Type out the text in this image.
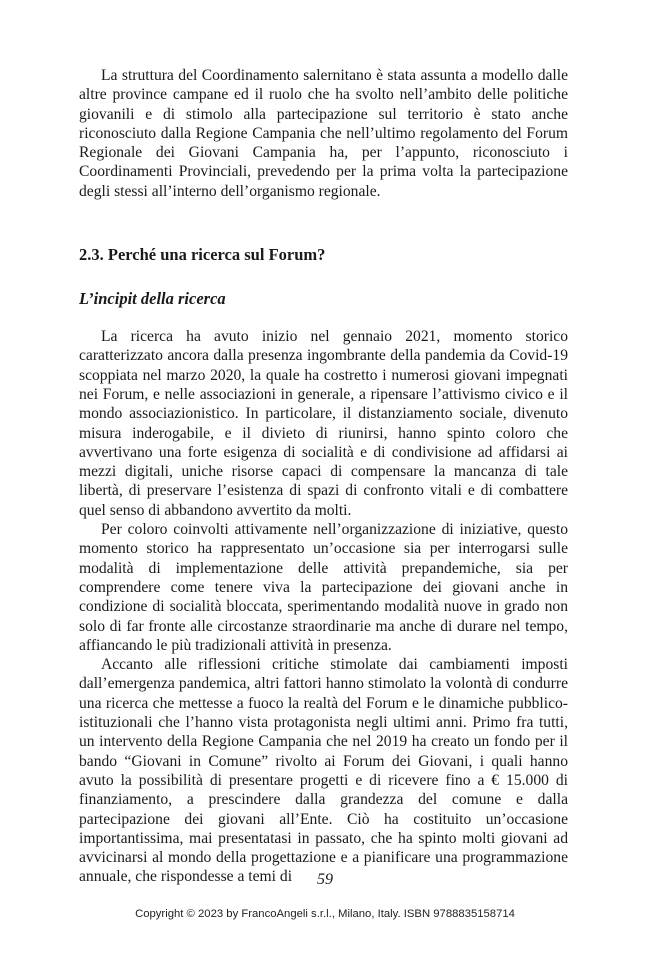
La struttura del Coordinamento salernitano è stata assunta a modello dalle altre province campane ed il ruolo che ha svolto nell’ambito delle politiche giovanili e di stimolo alla partecipazione sul territorio è stato anche riconosciuto dalla Regione Campania che nell’ultimo regolamento del Forum Regionale dei Giovani Campania ha, per l’appunto, riconosciuto i Coordinamenti Provinciali, prevedendo per la prima volta la partecipazione degli stessi all’interno dell’organismo regionale.

2.3. Perché una ricerca sul Forum?
L’incipit della ricerca

La ricerca ha avuto inizio nel gennaio 2021, momento storico caratterizzato ancora dalla presenza ingombrante della pandemia da Covid-19 scoppiata nel marzo 2020, la quale ha costretto i numerosi giovani impegnati nei Forum, e nelle associazioni in generale, a ripensare l’attivismo civico e il mondo associazionistico. In particolare, il distanziamento sociale, divenuto misura inderogabile, e il divieto di riunirsi, hanno spinto coloro che avvertivano una forte esigenza di socialità e di condivisione ad affidarsi ai mezzi digitali, uniche risorse capaci di compensare la mancanza di tale libertà, di preservare l’esistenza di spazi di confronto vitali e di combattere quel senso di abbandono avvertito da molti.

Per coloro coinvolti attivamente nell’organizzazione di iniziative, questo momento storico ha rappresentato un’occasione sia per interrogarsi sulle modalità di implementazione delle attività prepandemiche, sia per comprendere come tenere viva la partecipazione dei giovani anche in condizione di socialità bloccata, sperimentando modalità nuove in grado non solo di far fronte alle circostanze straordinarie ma anche di durare nel tempo, affiancando le più tradizionali attività in presenza.

Accanto alle riflessioni critiche stimolate dai cambiamenti imposti dall’emergenza pandemica, altri fattori hanno stimolato la volontà di condurre una ricerca che mettesse a fuoco la realtà del Forum e le dinamiche pubblico-istituzionali che l’hanno vista protagonista negli ultimi anni. Primo fra tutti, un intervento della Regione Campania che nel 2019 ha creato un fondo per il bando “Giovani in Comune” rivolto ai Forum dei Giovani, i quali hanno avuto la possibilità di presentare progetti e di ricevere fino a € 15.000 di finanziamento, a prescindere dalla grandezza del comune e dalla partecipazione dei giovani all’Ente. Ciò ha costituito un’occasione importantissima, mai presentatasi in passato, che ha spinto molti giovani ad avvicinarsi al mondo della progettazione e a pianificare una programmazione annuale, che rispondesse a temi di	59
Copyright © 2023 by FrancoAngeli s.r.l., Milano, Italy. ISBN 9788835158714
